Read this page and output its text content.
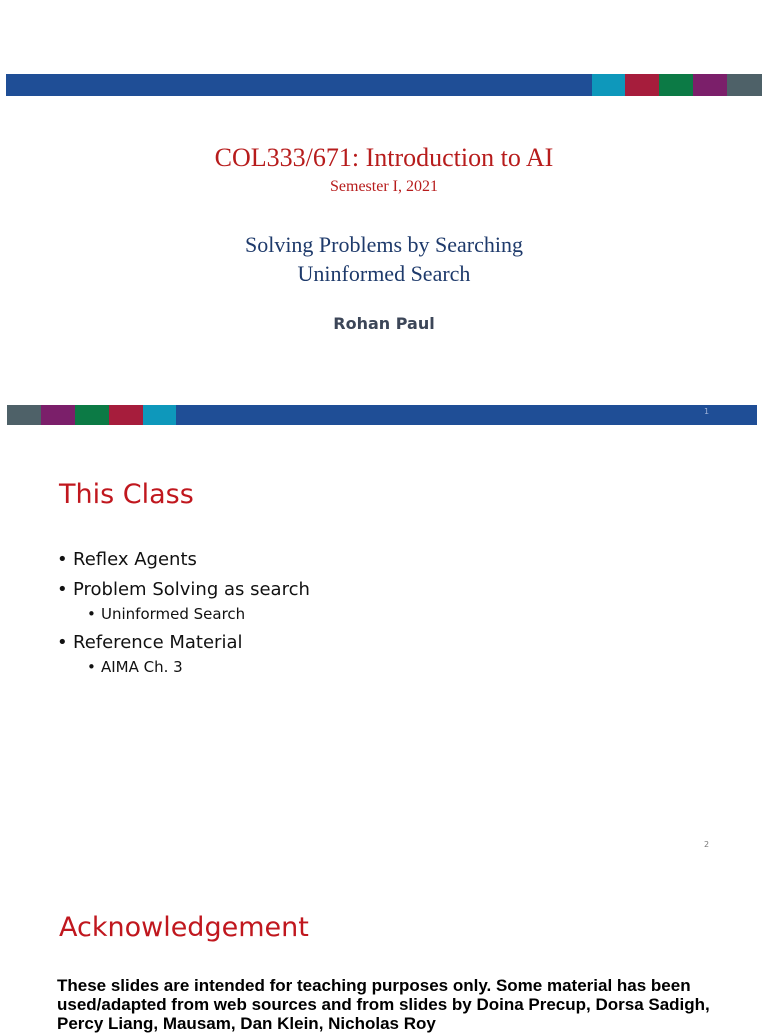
COL333/671: Introduction to AI
Semester I, 2021
Solving Problems by Searching
Uninformed Search
Rohan Paul
1
This Class
• Reflex Agents
• Problem Solving as search
• Uninformed Search
• Reference Material
• AIMA Ch. 3
2
Acknowledgement

These slides are intended for teaching purposes only. Some material has been used/adapted from web sources and from slides by Doina Precup, Dorsa Sadigh, Percy Liang, Mausam, Dan Klein, Nicholas Roy
